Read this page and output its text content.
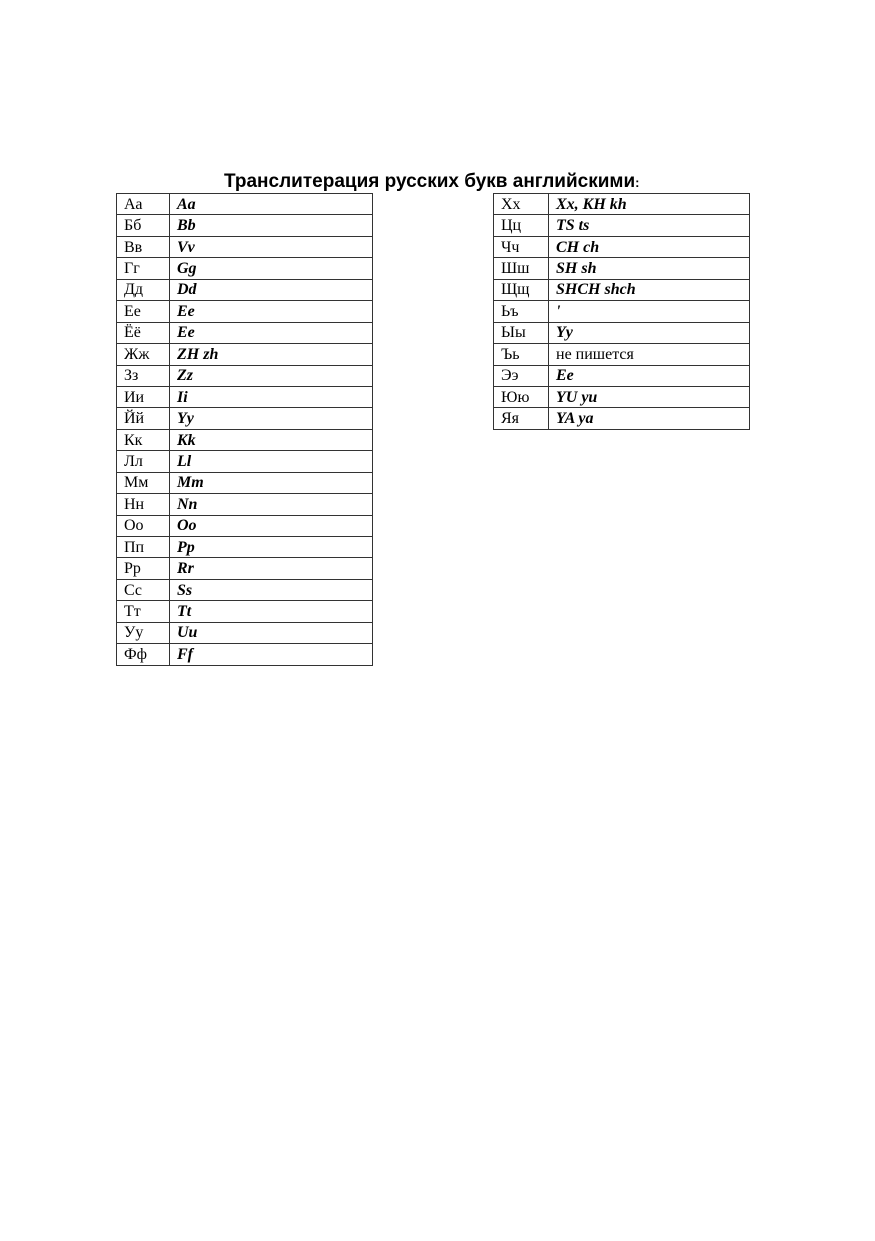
Транслитерация русских букв английскими:
Аа	Aa
Бб	Bb
Вв	Vv
Гг	Gg
Дд	Dd
Ее	Ee
Ёё	Ee
Жж	ZH zh
Зз	Zz
Ии	Ii
Йй	Yy
Кк	Kk
Лл	Ll
Мм	Mm
Нн	Nn
Оо	Oo
Пп	Pp
Рр	Rr
Сс	Ss
Тт	Tt
Уу	Uu
Фф	Ff
Хх	Xx, KH kh
Цц	TS ts
Чч	CH ch
Шш	SH sh
Щщ	SHCH shch
Ьъ	'
Ыы	Yy
Ъь	не пишется
Ээ	Ee
Юю	YU yu
Яя	YA ya
